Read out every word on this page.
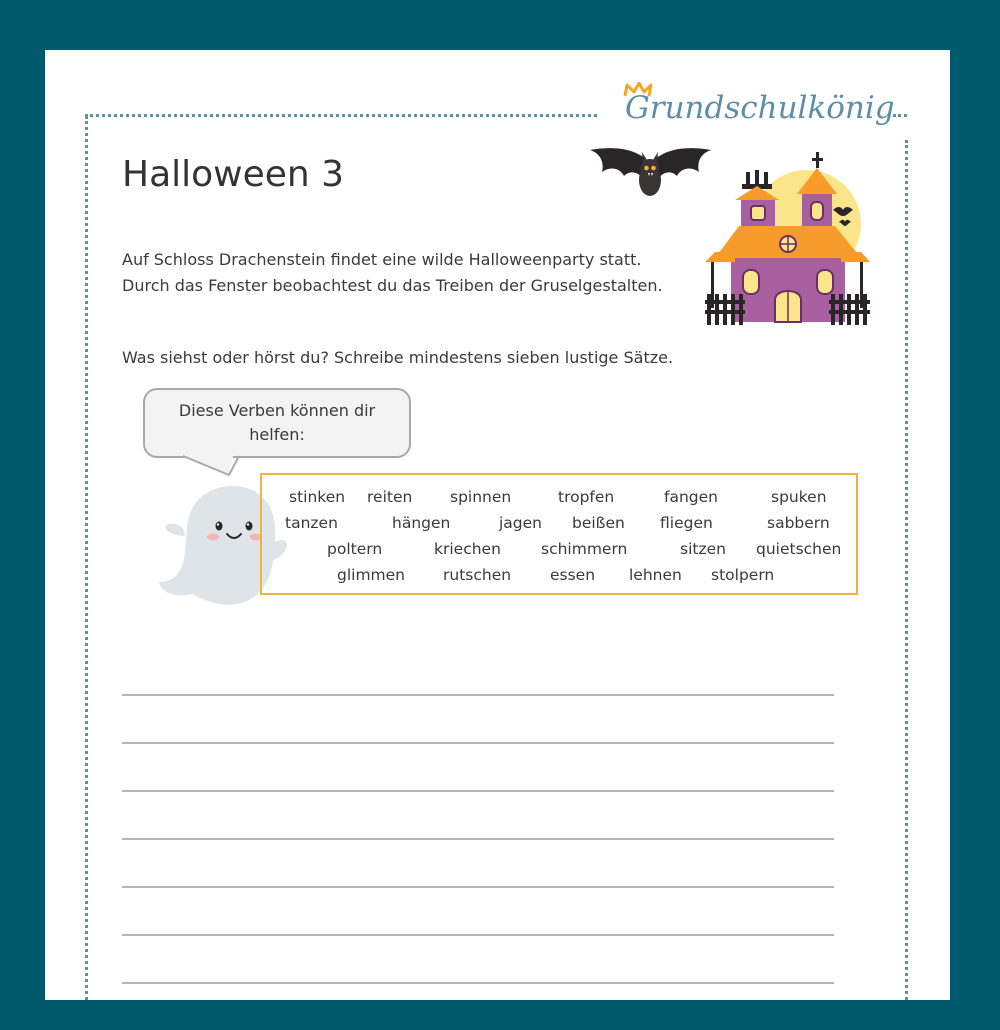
Grundschulkönig
Halloween 3
Auf Schloss Drachenstein findet eine wilde Halloweenparty statt.
Durch das Fenster beobachtest du das Treiben der Gruselgestalten.
Was siehst oder hörst du? Schreibe mindestens sieben lustige Sätze.
Diese Verben können dir
helfen:
stinken reiten spinnen	tropfen	fangen	spuken
tanzen	hängen	jagen beißen fliegen	sabbern
poltern	kriechen	schimmern	sitzen quietschen
glimmen rutschen	essen lehnen stolpern
